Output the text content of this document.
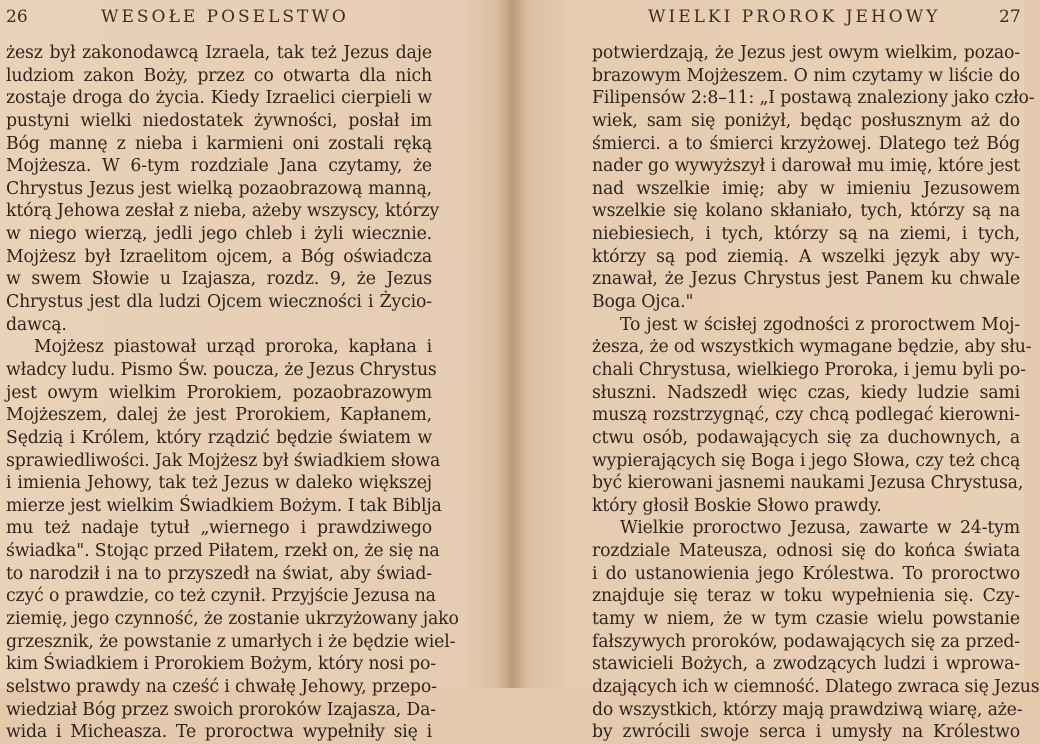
26	WESOŁE POSELSTWO
żesz był zakonodawcą Izraela, tak też Jezus daje
ludziom zakon Boży, przez co otwarta dla nich
zostaje droga do życia. Kiedy Izraelici cierpieli w
pustyni wielki niedostatek żywności, posłał im
Bóg mannę z nieba i karmieni oni zostali ręką
Mojżesza. W 6-tym rozdziale Jana czytamy, że
Chrystus Jezus jest wielką pozaobrazową manną,
którą Jehowa zesłał z nieba, ażeby wszyscy, którzy
w niego wierzą, jedli jego chleb i żyli wiecznie.
Mojżesz był Izraelitom ojcem, a Bóg oświadcza
w swem Słowie u Izajasza, rozdz. 9, że Jezus
Chrystus jest dla ludzi Ojcem wieczności i Życio-
dawcą.
Mojżesz piastował urząd proroka, kapłana i
władcy ludu. Pismo Św. poucza, że Jezus Chrystus
jest owym wielkim Prorokiem, pozaobrazowym
Mojżeszem, dalej że jest Prorokiem, Kapłanem,
Sędzią i Królem, który rządzić będzie światem w
sprawiedliwości. Jak Mojżesz był świadkiem słowa
i imienia Jehowy, tak też Jezus w daleko większej
mierze jest wielkim Świadkiem Bożym. I tak Biblja
mu też nadaje tytuł „wiernego i prawdziwego
świadka". Stojąc przed Piłatem, rzekł on, że się na
to narodził i na to przyszedł na świat, aby świad-
czyć o prawdzie, co też czynił. Przyjście Jezusa na
ziemię, jego czynność, że zostanie ukrzyżowany jako
grzesznik, że powstanie z umarłych i że będzie wiel-
kim Świadkiem i Prorokiem Bożym, który nosi po-
selstwo prawdy na cześć i chwałę Jehowy, przepo-
wiedział Bóg przez swoich proroków Izajasza, Da-
wida i Micheasza. Te proroctwa wypełniły się i
WIELKI PROROK JEHOWY	27
potwierdzają, że Jezus jest owym wielkim, pozao-
brazowym Mojżeszem. O nim czytamy w liście do
Filipensów 2:8–11: „I postawą znaleziony jako czło-
wiek, sam się poniżył, będąc posłusznym aż do
śmierci. a to śmierci krzyżowej. Dlatego też Bóg
nader go wywyższył i darował mu imię, które jest
nad wszelkie imię; aby w imieniu Jezusowem
wszelkie się kolano skłaniało, tych, którzy są na
niebiesiech, i tych, którzy są na ziemi, i tych,
którzy są pod ziemią. A wszelki język aby wy-
znawał, że Jezus Chrystus jest Panem ku chwale
Boga Ojca."
To jest w ścisłej zgodności z proroctwem Moj-
żesza, że od wszystkich wymagane będzie, aby słu-
chali Chrystusa, wielkiego Proroka, i jemu byli po-
słuszni. Nadszedł więc czas, kiedy ludzie sami
muszą rozstrzygnąć, czy chcą podlegać kierowni-
ctwu osób, podawających się za duchownych, a
wypierających się Boga i jego Słowa, czy też chcą
być kierowani jasnemi naukami Jezusa Chrystusa,
który głosił Boskie Słowo prawdy.
Wielkie proroctwo Jezusa, zawarte w 24-tym
rozdziale Mateusza, odnosi się do końca świata
i do ustanowienia jego Królestwa. To proroctwo
znajduje się teraz w toku wypełnienia się. Czy-
tamy w niem, że w tym czasie wielu powstanie
fałszywych proroków, podawających się za przed-
stawicieli Bożych, a zwodzących ludzi i wprowa-
dzających ich w ciemność. Dlatego zwraca się Jezus
do wszystkich, którzy mają prawdziwą wiarę, aże-
by zwrócili swoje serca i umysły na Królestwo
